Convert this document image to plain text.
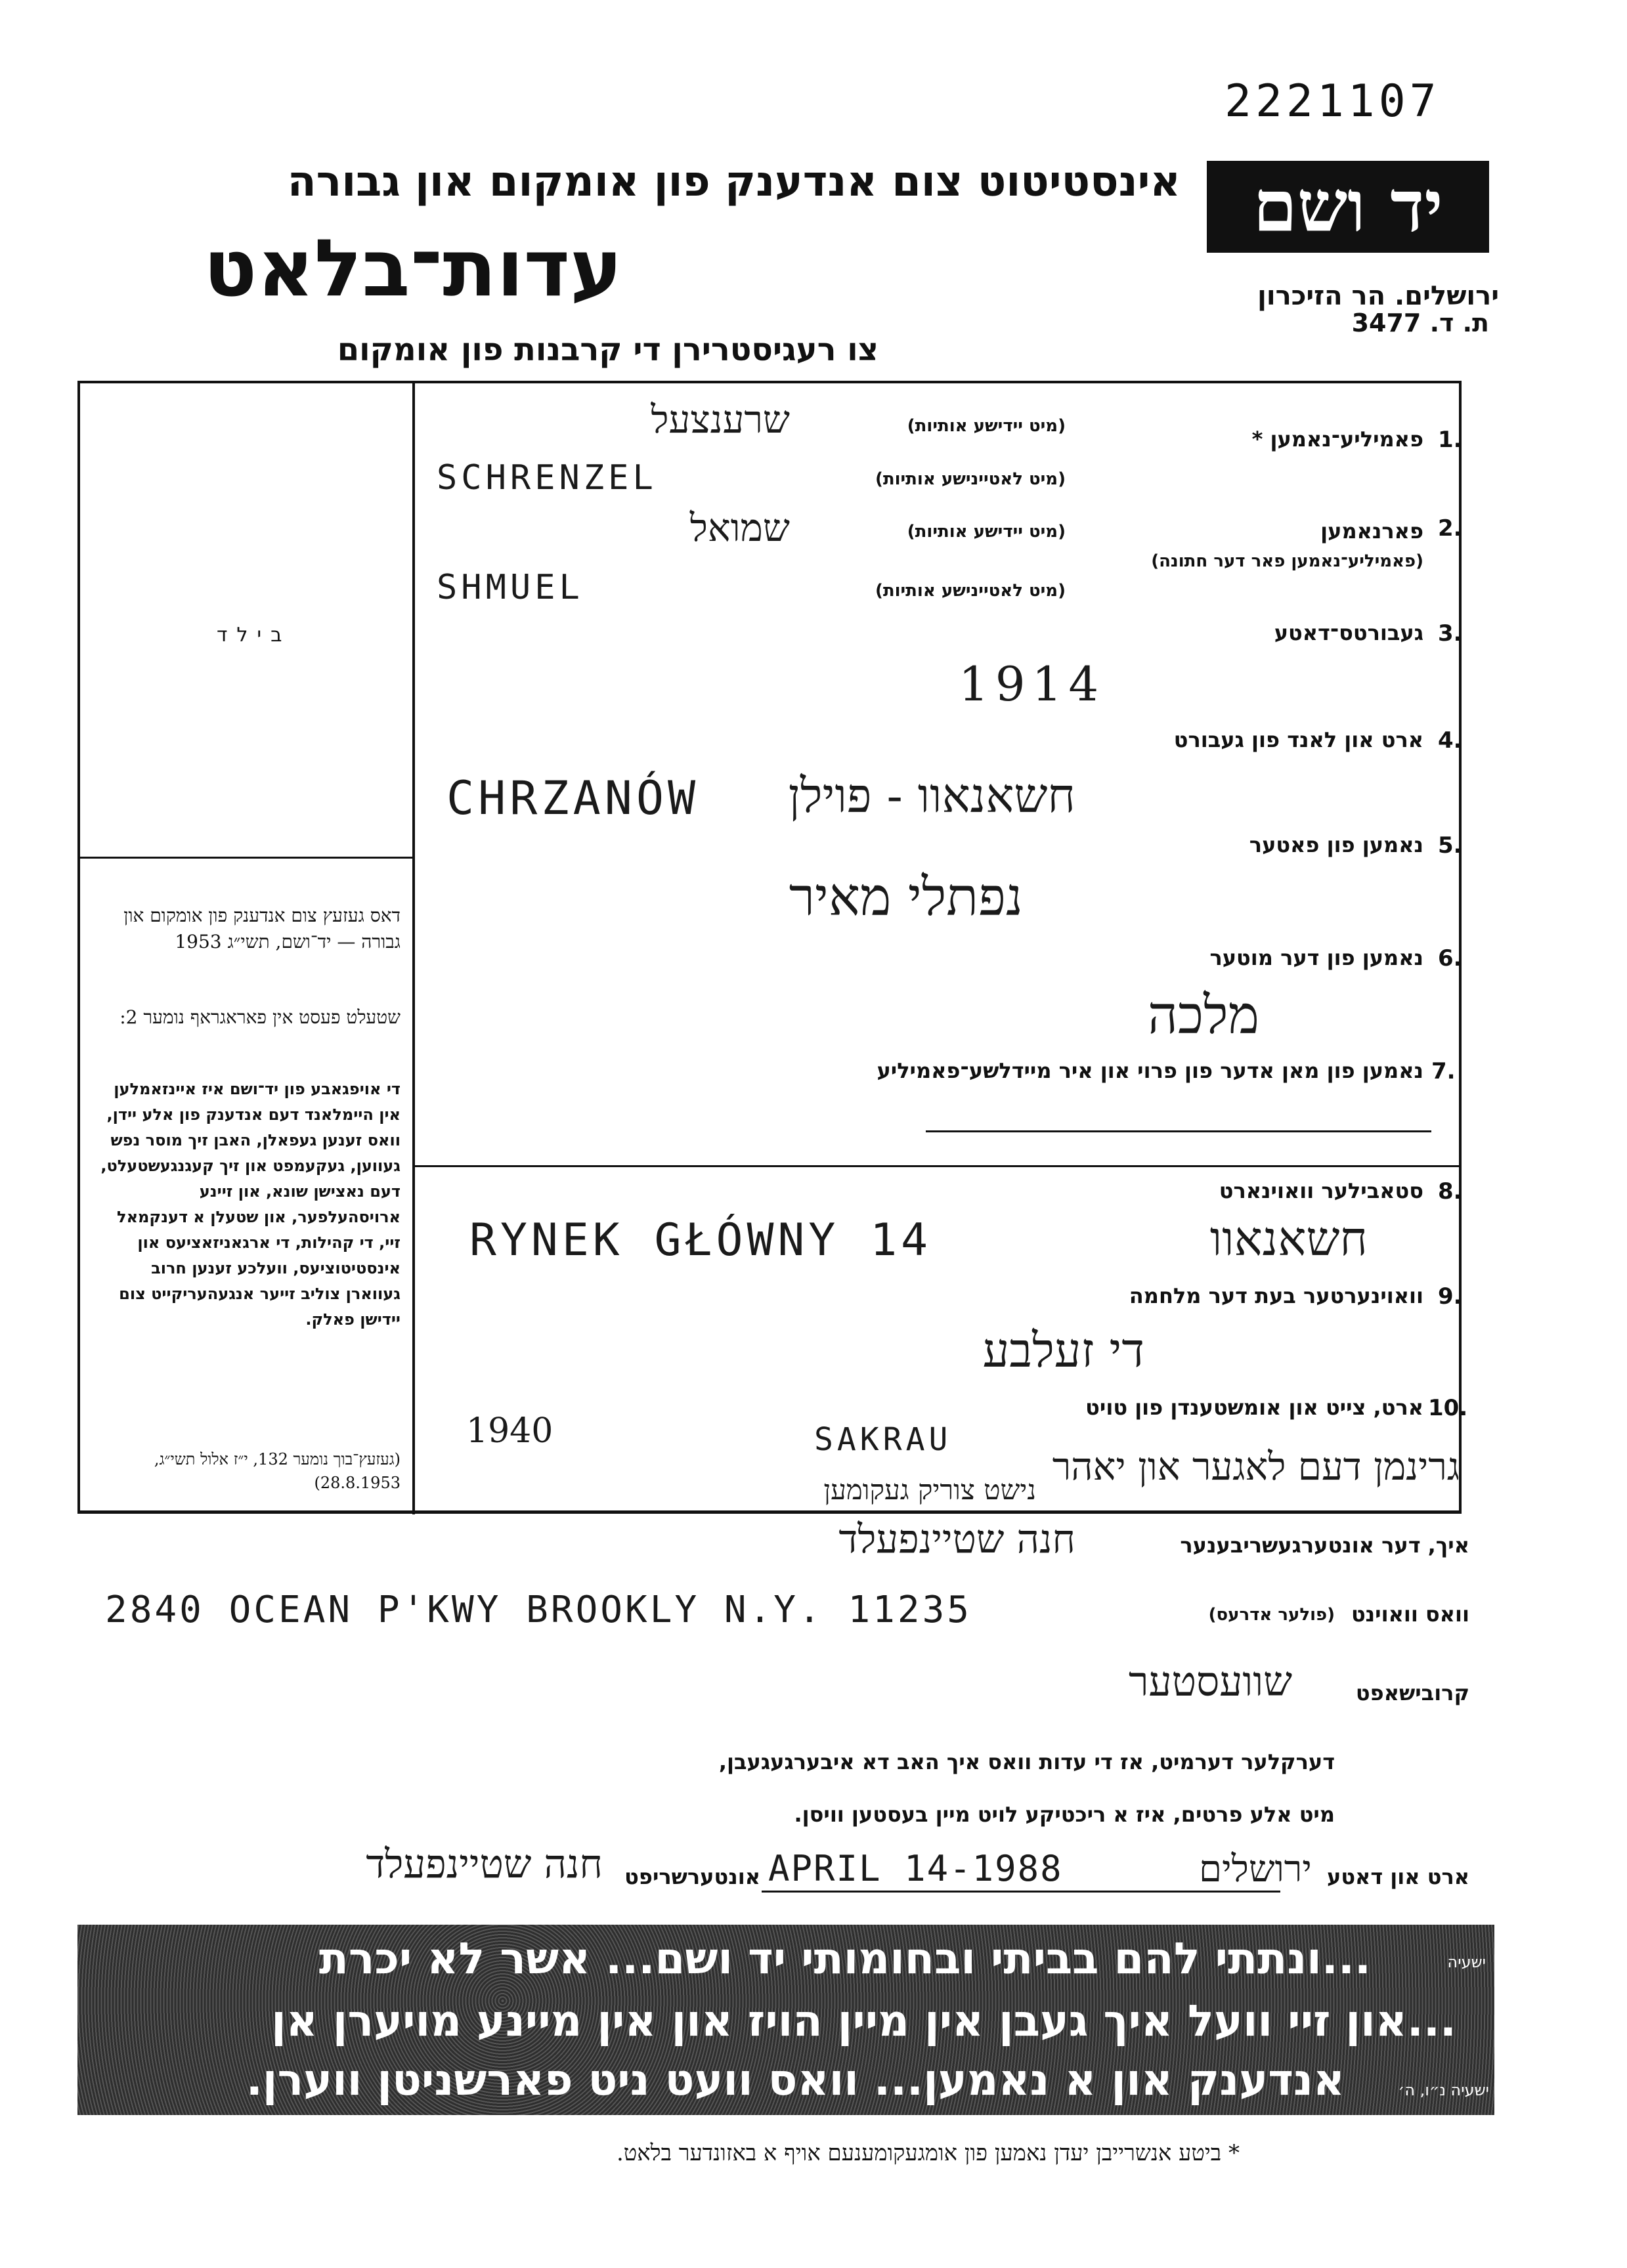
2221107
יד ושם
ירושלים. הר הזיכרון
ת. ד. 3477
אינסטיטוט צום אנדענק פון אומקום און גבורה
עדות־בלאט
צו רעגיסטרירן די קרבנות פון אומקום
בילד
דאס געזעץ צום אנדענק פון אומקום און גבורה — יד־ושם, תשי״ג 1953
שטעלט פעסט אין פאראגראף נומער 2:
די אויפגאבע פון יד־ושם איז איינזאמלען אין היימלאנד דעם אנדענק פון אלע יידן, וואס זענען געפאלן, האבן זיך מוסר נפש געווען, געקעמפט און זיך קעגנגעשטעלט, דעם נאצישן שונא, און זיינע ארויסהעלפער, און שטעלן א דענקמאל זיי, די קהילות, די ארגאניזאציעס און אינסטיטוציעס, וועלכע זענען חרוב געווארן צוליב זייער אנגעהעריקייט צום יידישן פאלק.
(געזעץ־בוך נומער 132, י״ז אלול תשי״ג, 28.8.1953)
1.
פאמיליע־נאמען *
(מיט יידישע אותיות)
שרענצעל
(מיט לאטיינישע אותיות)
SCHRENZEL
2.
פארנאמען
(פאמיליע־נאמען פאר דער חתונה)
(מיט יידישע אותיות)
שמואל
(מיט לאטיינישע אותיות)
SHMUEL
3.
געבורטס־דאטע
1914
4.
ארט און לאנד פון געבורט
CHRZANÓW חשאנאוו - פוילן
5.
נאמען פון פאטער
נפתלי מאיר
6.
נאמען פון דער מוטער
מלכה
7.
נאמען פון מאן אדער פון פרוי און איר מיידלשע־פאמיליע
8.
סטאבילער וואוינארט
RYNEK GŁÓWNY 14	חשאנאוו
9.
וואוינערטער בעת דער מלחמה
די זעלבע
10.
ארט, צייט און אומשטענדן פון טויט
1940	SAKRAU
גרינמן דעם לאגער און יאהר
נישט צוריק געקומען
איך, דער אונטערגעשריבענער
חנה שטיינפעלד
וואס וואוינט
(פולער אדרעס)
2840 OCEAN P'KWY BROOKLY N.Y. 11235
קרובישאפט
שוועסטער
דערקלער דערמיט, אז די עדות וואס איך האב דא איבערגעגעבן,
מיט אלע פרטים, איז א ריכטיקע לויט מיין בעסטען וויסן.
ארט און דאטע
ירושלים
APRIL 14-1988
אונטערשריפט
חנה שטיינפעלד
...ונתתי להם בביתי ובחומותי יד ושם... אשר לא יכרת	ישעיה
...און זיי וועל איך געבן אין מיין הויז און אין מיינע מויערן אן
אנדענק און א נאמען... וואס וועט ניט פארשניטן ווערן.	ישעיה נ״ו, ה׳
* ביטע אנשרייבן יעדן נאמען פון אומגעקומענעם אויף א באזונדער בלאט.
